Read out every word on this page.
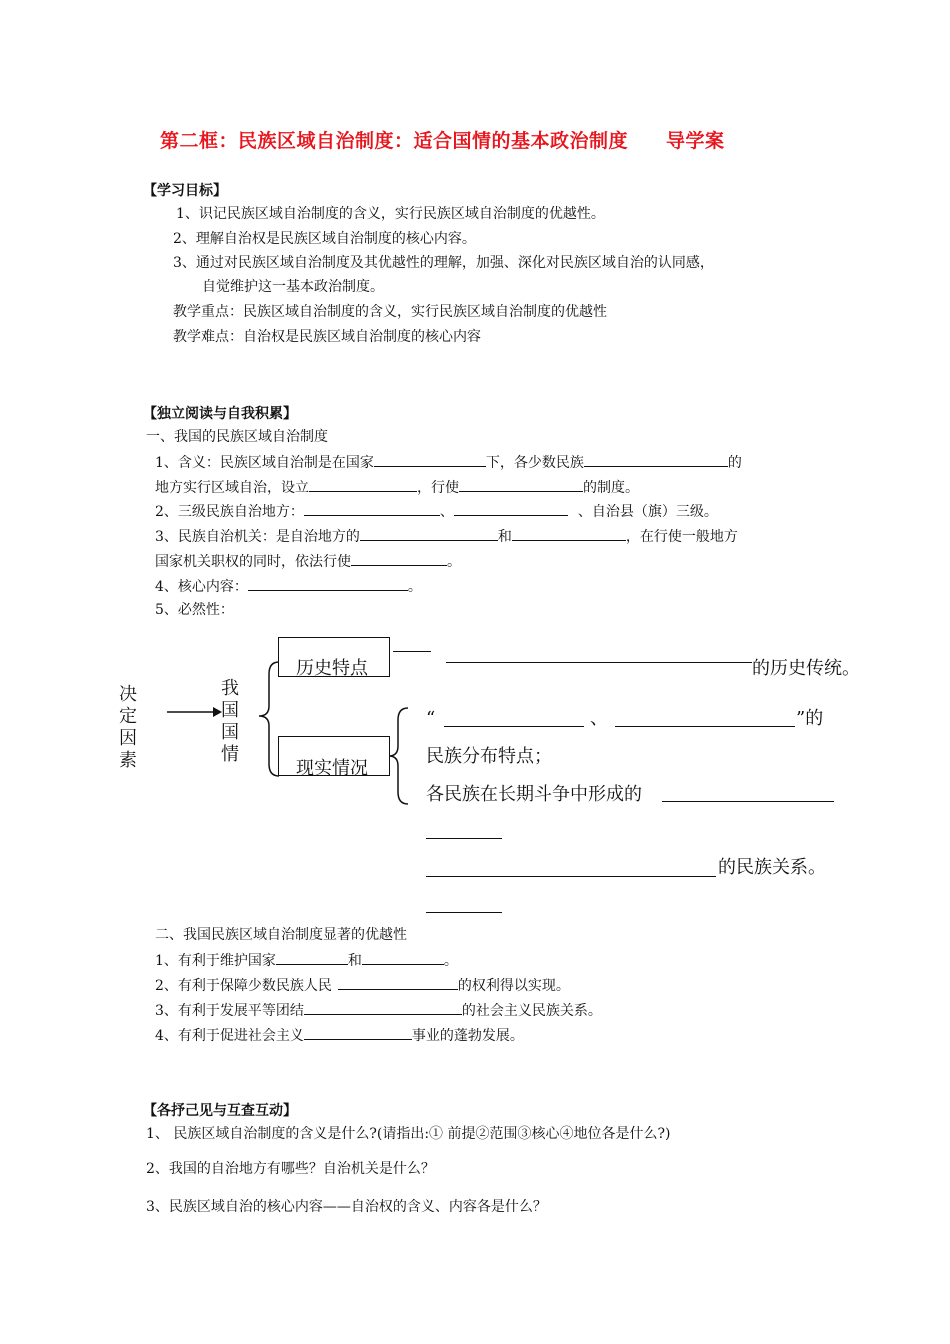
第二框：民族区域自治制度：适合国情的基本政治制度 导学案
【学习目标】
1、识记民族区域自治制度的含义，实行民族区域自治制度的优越性。
2、理解自治权是民族区域自治制度的核心内容。
3、通过对民族区域自治制度及其优越性的理解，加强、深化对民族区域自治的认同感，
自觉维护这一基本政治制度。
教学重点：民族区域自治制度的含义，实行民族区域自治制度的优越性
教学难点：自治权是民族区域自治制度的核心内容
【独立阅读与自我积累】
一、我国的民族区域自治制度
1、含义：民族区域自治制是在国家	下，各少数民族	的
地方实行区域自治，设立	，行使	的制度。
2、三级民族自治地方：	、	、自治县（旗）三级。
3、民族自治机关：是自治地方的	和	，在行使一般地方
国家机关职权的同时，依法行使	。
4、核心内容：	。
5、必然性：
决定因素
我国国情
历史特点	的历史传统。
现实情况
“	、	”的
民族分布特点；
各民族在长期斗争中形成的
的民族关系。
二、我国民族区域自治制度显著的优越性
1、有利于维护国家	和	。
2、有利于保障少数民族人民	的权利得以实现。
3、有利于发展平等团结	的社会主义民族关系。
4、有利于促进社会主义	事业的蓬勃发展。
【各抒己见与互查互动】
1、 民族区域自治制度的含义是什么?(请指出:① 前提②范围③核心④地位各是什么?)
2、我国的自治地方有哪些？自治机关是什么？
3、民族区域自治的核心内容——自治权的含义、内容各是什么？
